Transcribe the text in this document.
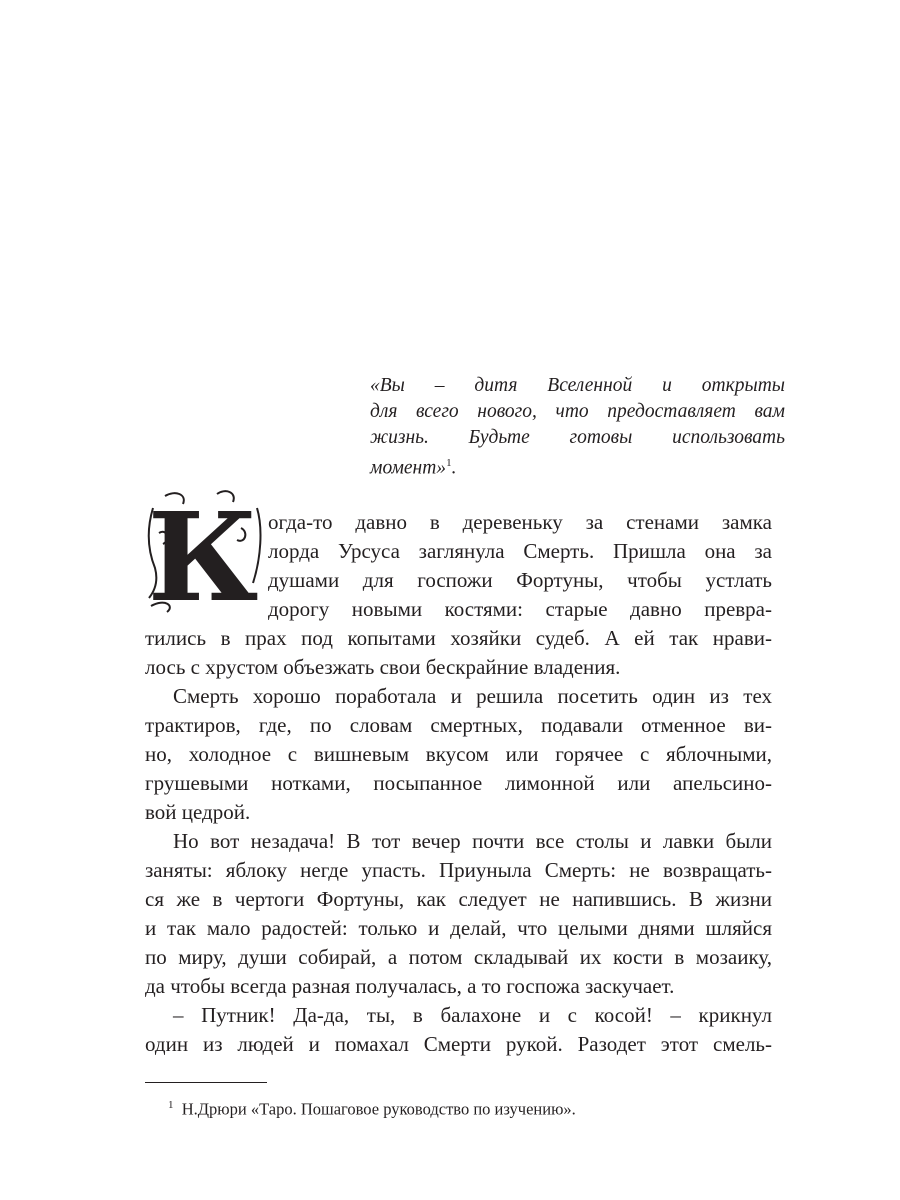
«Вы – дитя Вселенной и открыты
для всего нового, что предоставляет вам
жизнь. Будьте готовы использовать
момент»$^1$.
К огда-то давно в деревеньку за стенами замка
лорда Урсуса заглянула Смерть. Пришла она за
душами для госпожи Фортуны, чтобы устлать
дорогу новыми костями: старые давно превра-
тились в прах под копытами хозяйки судеб. А ей так нрави-
лось с хрустом объезжать свои бескрайние владения.
Смерть хорошо поработала и решила посетить один из тех
трактиров, где, по словам смертных, подавали отменное ви-
но, холодное с вишневым вкусом или горячее с яблочными,
грушевыми нотками, посыпанное лимонной или апельсино-
вой цедрой.
Но вот незадача! В тот вечер почти все столы и лавки были
заняты: яблоку негде упасть. Приуныла Смерть: не возвращать-
ся же в чертоги Фортуны, как следует не напившись. В жизни
и так мало радостей: только и делай, что целыми днями шляйся
по миру, души собирай, а потом складывай их кости в мозаику,
да чтобы всегда разная получалась, а то госпожа заскучает.
– Путник! Да-да, ты, в балахоне и с косой! – крикнул
один из людей и помахал Смерти рукой. Разодет этот смель-
$^1$ Н.Дрюри «Таро. Пошаговое руководство по изучению».
